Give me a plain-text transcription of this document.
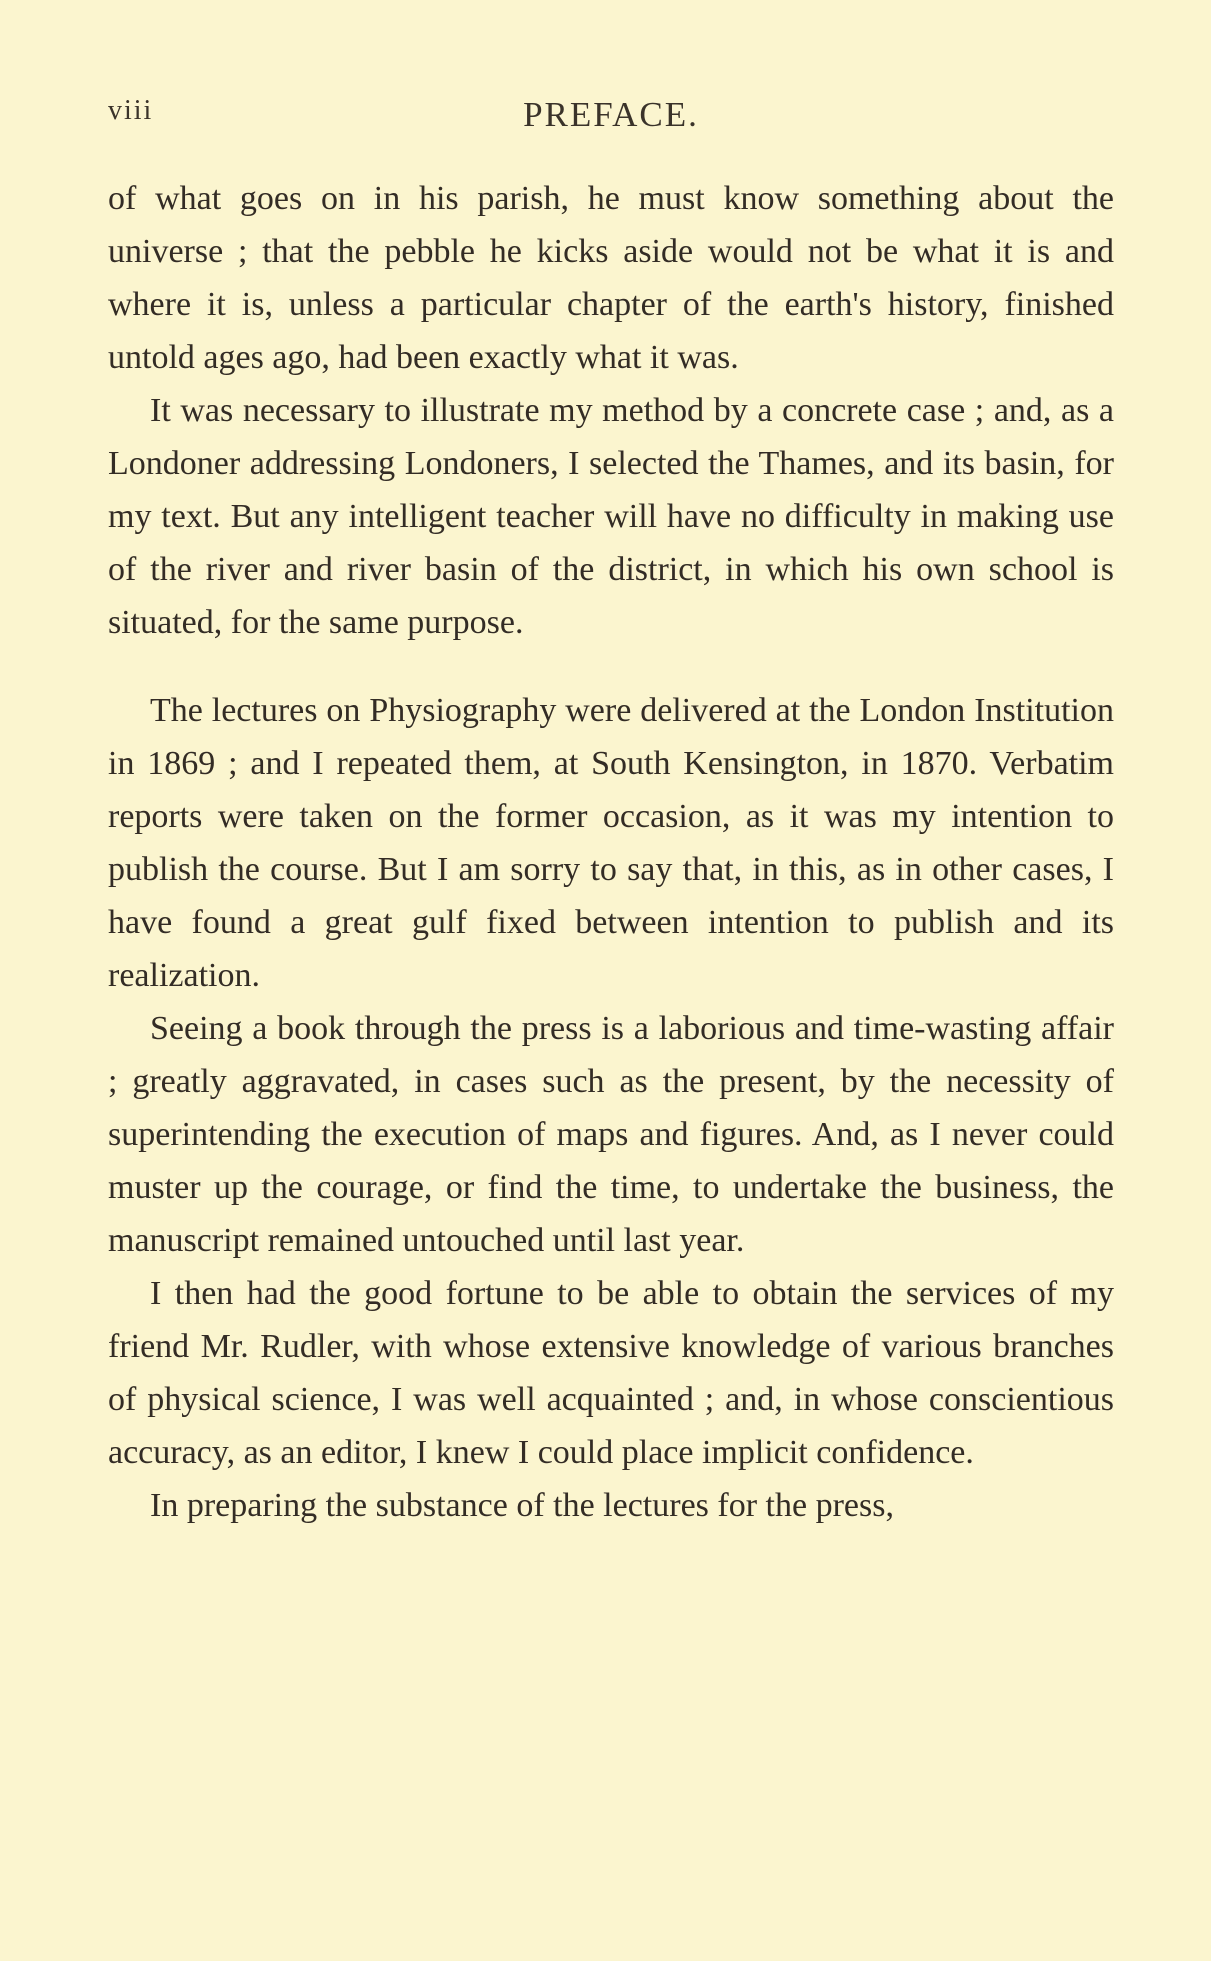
viii	PREFACE.

of what goes on in his parish, he must know something about the universe ; that the pebble he kicks aside would not be what it is and where it is, unless a particular chapter of the earth's history, finished untold ages ago, had been exactly what it was.

It was necessary to illustrate my method by a concrete case ; and, as a Londoner addressing Londoners, I selected the Thames, and its basin, for my text. But any intelligent teacher will have no difficulty in making use of the river and river basin of the district, in which his own school is situated, for the same purpose.

The lectures on Physiography were delivered at the London Institution in 1869 ; and I repeated them, at South Kensington, in 1870. Verbatim reports were taken on the former occasion, as it was my intention to publish the course. But I am sorry to say that, in this, as in other cases, I have found a great gulf fixed between intention to publish and its realization.

Seeing a book through the press is a laborious and time-wasting affair ; greatly aggravated, in cases such as the present, by the necessity of superintending the execution of maps and figures. And, as I never could muster up the courage, or find the time, to undertake the business, the manuscript remained untouched until last year.

I then had the good fortune to be able to obtain the services of my friend Mr. Rudler, with whose extensive knowledge of various branches of physical science, I was well acquainted ; and, in whose conscientious accuracy, as an editor, I knew I could place implicit confidence.

In preparing the substance of the lectures for the press,
